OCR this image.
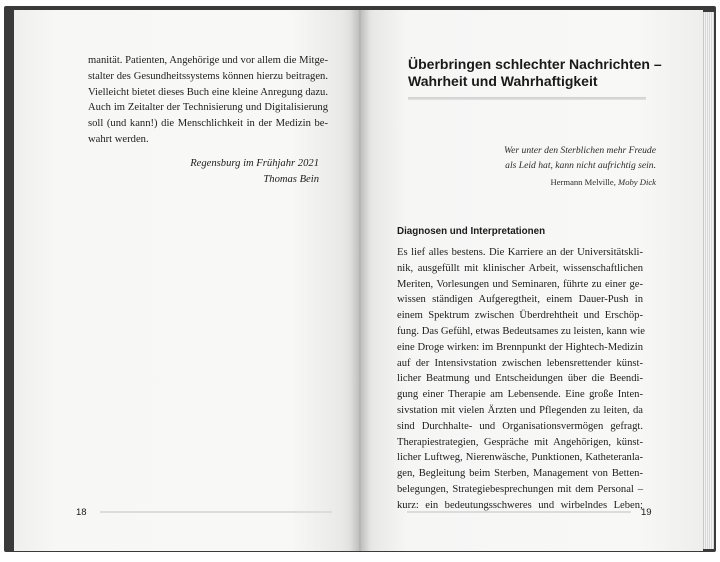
manität. Patienten, Angehörige und vor allem die Mitge-
stalter des Gesundheitssystems können hierzu beitragen.
Vielleicht bietet dieses Buch eine kleine Anregung dazu.
Auch im Zeitalter der Technisierung und Digitalisierung
soll (und kann!) die Menschlichkeit in der Medizin be-
wahrt werden.
Regensburg im Frühjahr 2021
Thomas Bein
18
Überbringen schlechter Nachrichten –
Wahrheit und Wahrhaftigkeit
Wer unter den Sterblichen mehr Freude
als Leid hat, kann nicht aufrichtig sein.
Hermann Melville, Moby Dick
Diagnosen und Interpretationen
Es lief alles bestens. Die Karriere an der Universitätskli-
nik, ausgefüllt mit klinischer Arbeit, wissenschaftlichen
Meriten, Vorlesungen und Seminaren, führte zu einer ge-
wissen ständigen Aufgeregtheit, einem Dauer-Push in
einem Spektrum zwischen Überdrehtheit und Erschöp-
fung. Das Gefühl, etwas Bedeutsames zu leisten, kann wie
eine Droge wirken: im Brennpunkt der Hightech-Medizin
auf der Intensivstation zwischen lebensrettender künst-
licher Beatmung und Entscheidungen über die Beendi-
gung einer Therapie am Lebensende. Eine große Inten-
sivstation mit vielen Ärzten und Pflegenden zu leiten, da
sind Durchhalte- und Organisationsvermögen gefragt.
Therapiestrategien, Gespräche mit Angehörigen, künst-
licher Luftweg, Nierenwäsche, Punktionen, Katheteranla-
gen, Begleitung beim Sterben, Management von Betten-
belegungen, Strategiebesprechungen mit dem Personal –
kurz: ein bedeutungsschweres und wirbelndes Leben;
19
